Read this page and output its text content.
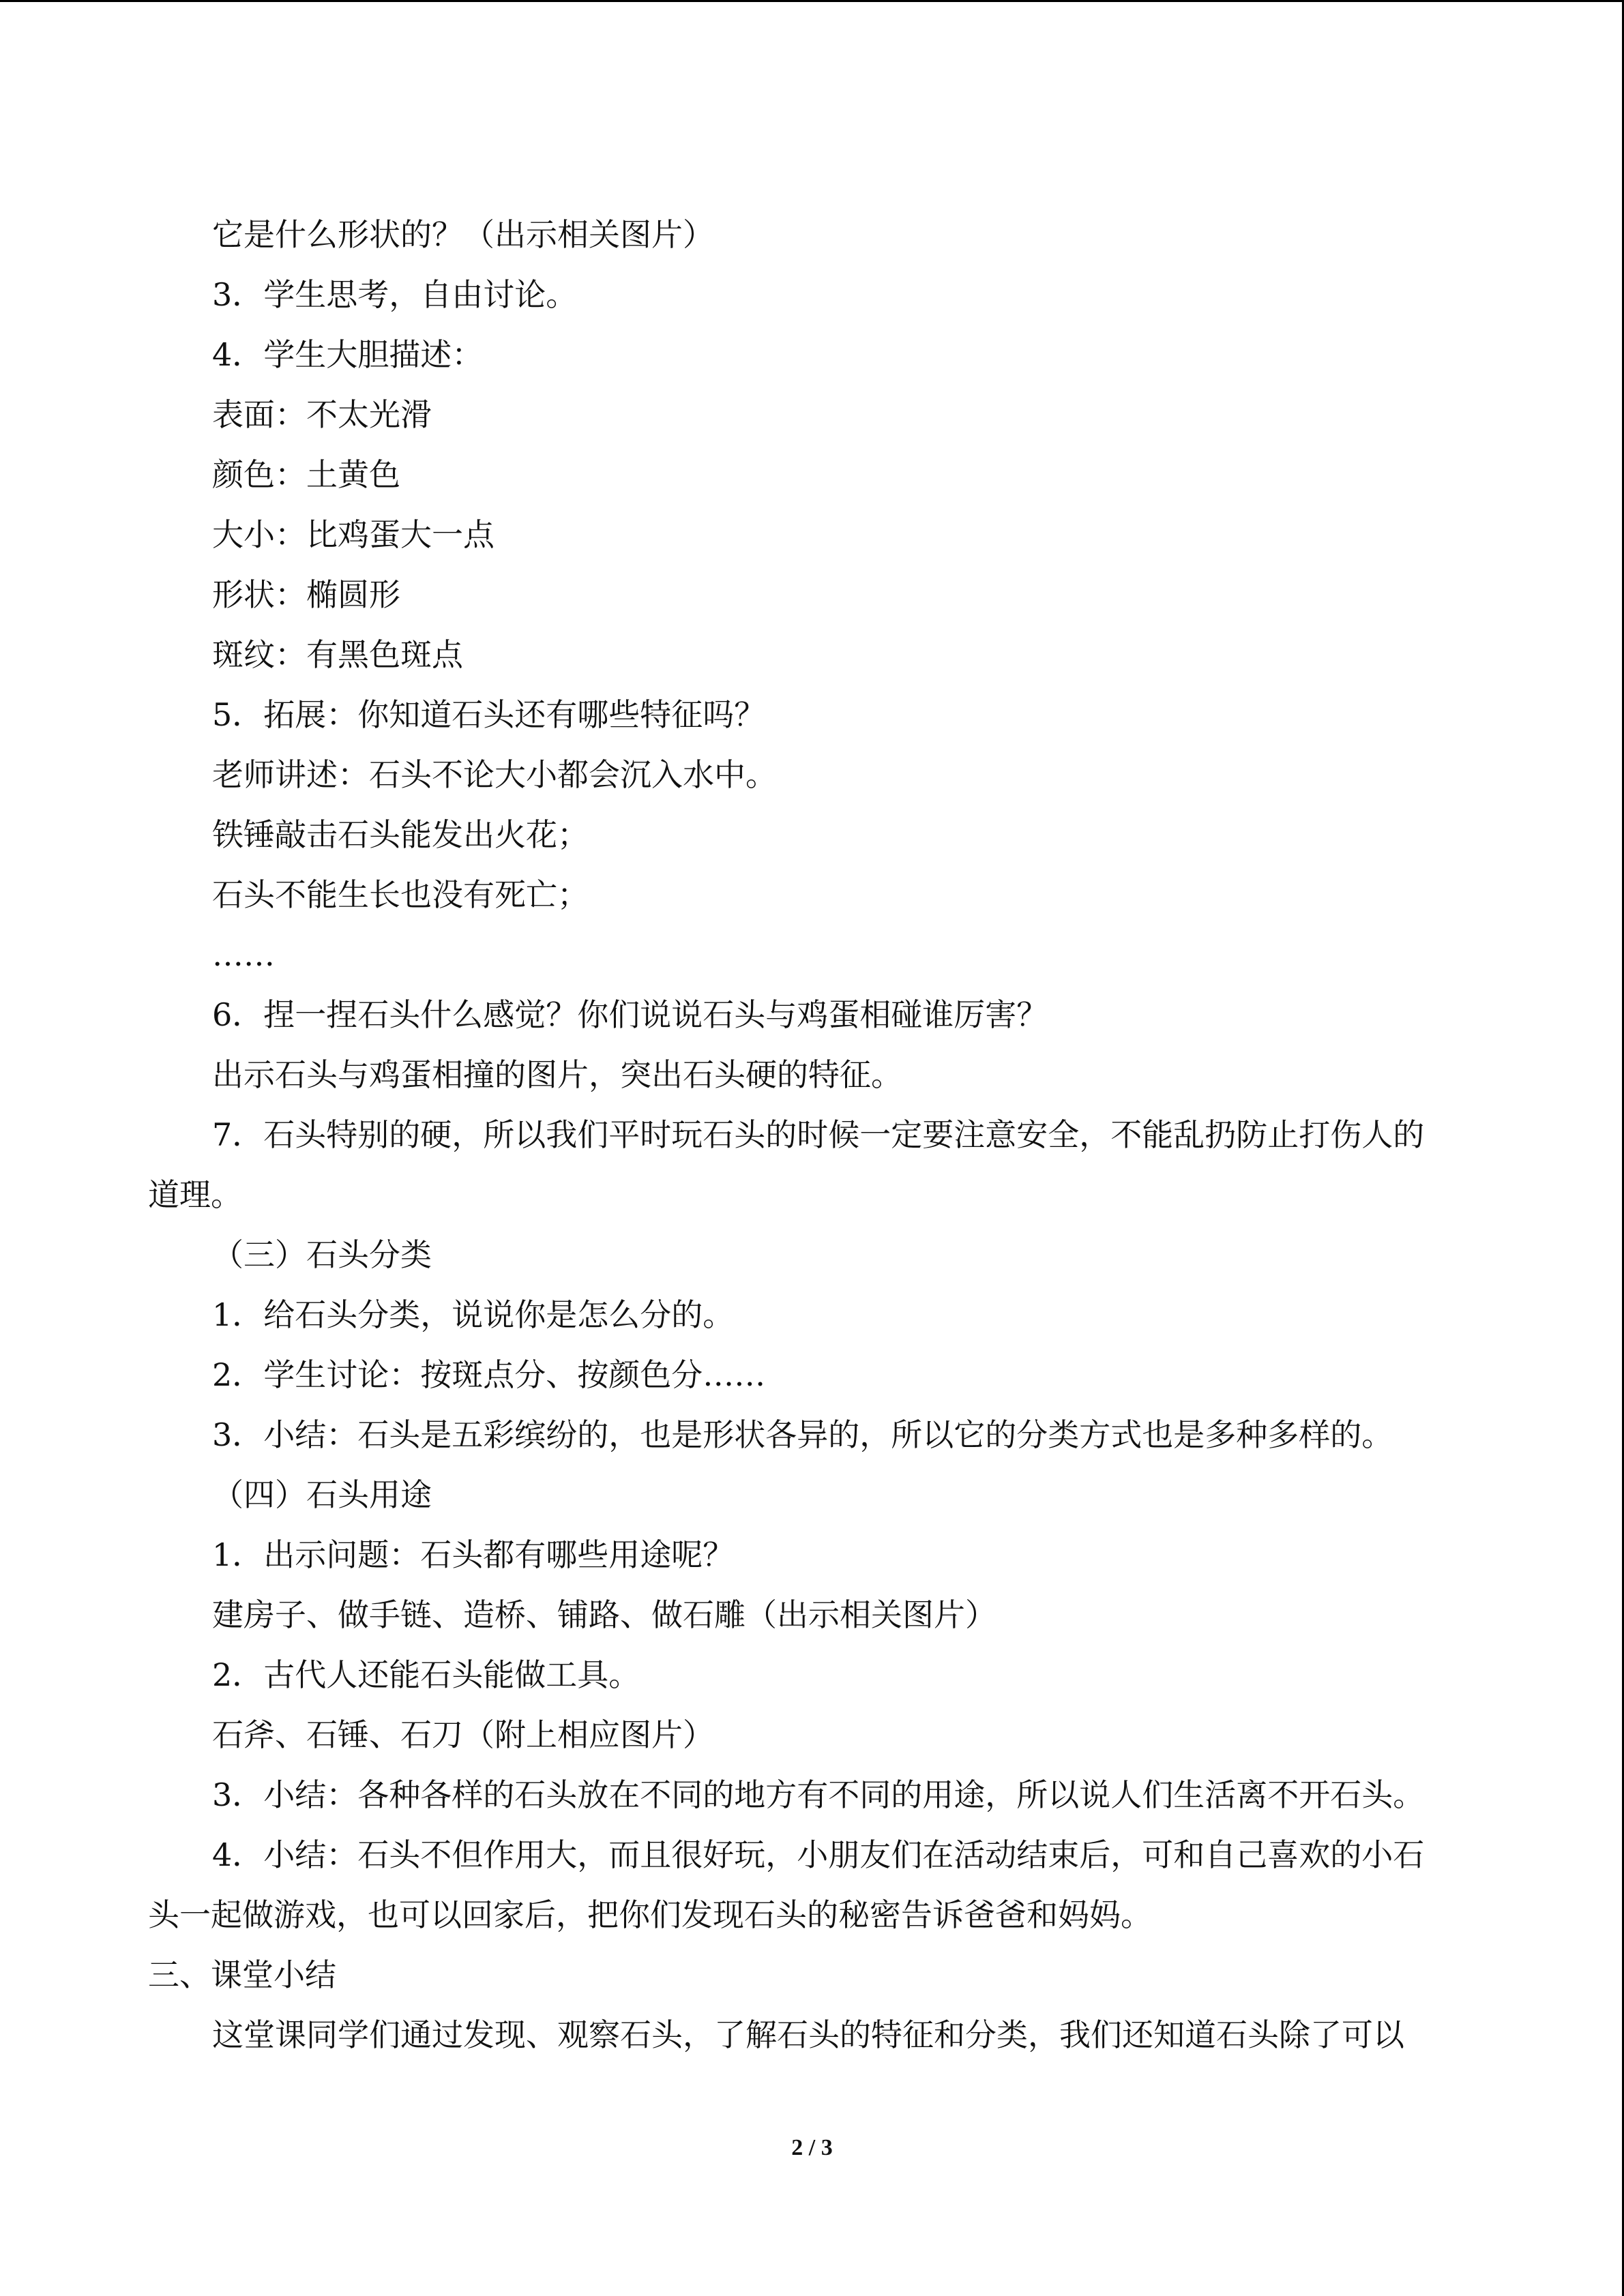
它是什么形状的？（出示相关图片）
3．学生思考，自由讨论。
4．学生大胆描述：
表面：不太光滑
颜色：土黄色
大小：比鸡蛋大一点
形状：椭圆形
斑纹：有黑色斑点
5．拓展：你知道石头还有哪些特征吗？
老师讲述：石头不论大小都会沉入水中。
铁锤敲击石头能发出火花；
石头不能生长也没有死亡；
……
6．捏一捏石头什么感觉？你们说说石头与鸡蛋相碰谁厉害？
出示石头与鸡蛋相撞的图片，突出石头硬的特征。
7．石头特别的硬，所以我们平时玩石头的时候一定要注意安全，不能乱扔防止打伤人的
道理。
（三）石头分类
1．给石头分类，说说你是怎么分的。
2．学生讨论：按斑点分、按颜色分……
3．小结：石头是五彩缤纷的，也是形状各异的，所以它的分类方式也是多种多样的。
（四）石头用途
1．出示问题：石头都有哪些用途呢？
建房子、做手链、造桥、铺路、做石雕（出示相关图片）
2．古代人还能石头能做工具。
石斧、石锤、石刀（附上相应图片）
3．小结：各种各样的石头放在不同的地方有不同的用途，所以说人们生活离不开石头。
4．小结：石头不但作用大，而且很好玩，小朋友们在活动结束后，可和自己喜欢的小石
头一起做游戏，也可以回家后，把你们发现石头的秘密告诉爸爸和妈妈。
三、课堂小结
这堂课同学们通过发现、观察石头，了解石头的特征和分类，我们还知道石头除了可以
2 / 3
